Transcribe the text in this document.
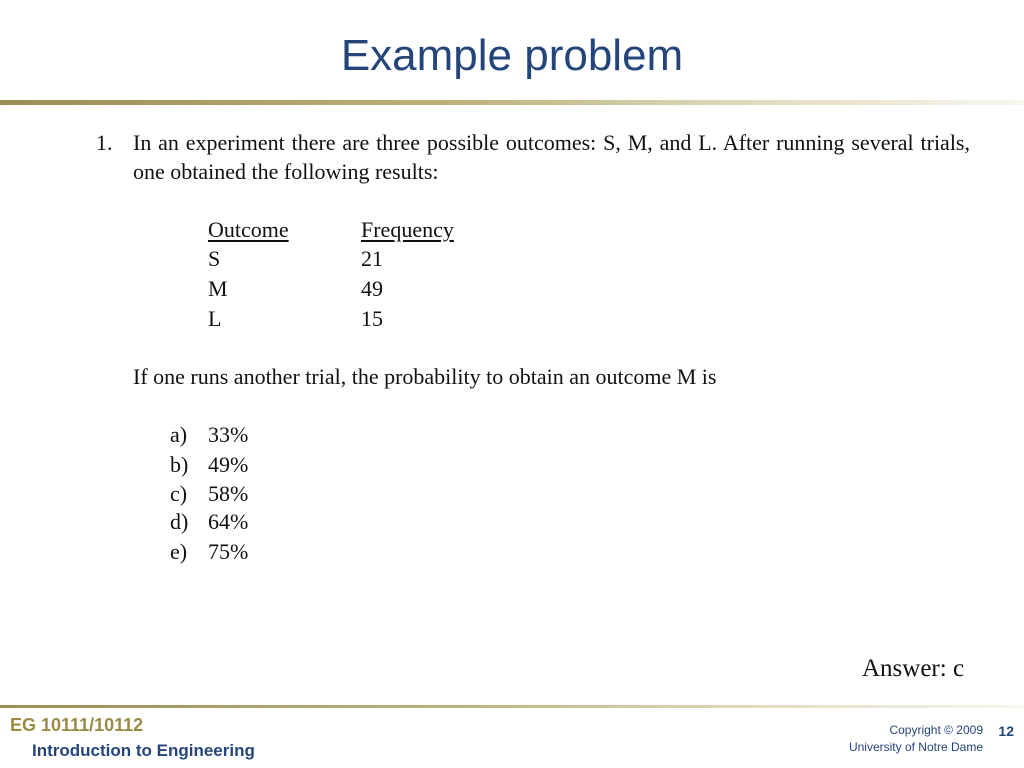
Example problem
1. In an experiment there are three possible outcomes: S, M, and L. After running several trials, one obtained the following results:
Outcome	Frequency
S	21
M	49
L	15
If one runs another trial, the probability to obtain an outcome M is
a) 33%
b) 49%
c) 58%
d) 64%
e) 75%
Answer: c
EG 10111/10112
Introduction to Engineering
Copyright © 2009
University of Notre Dame
12
